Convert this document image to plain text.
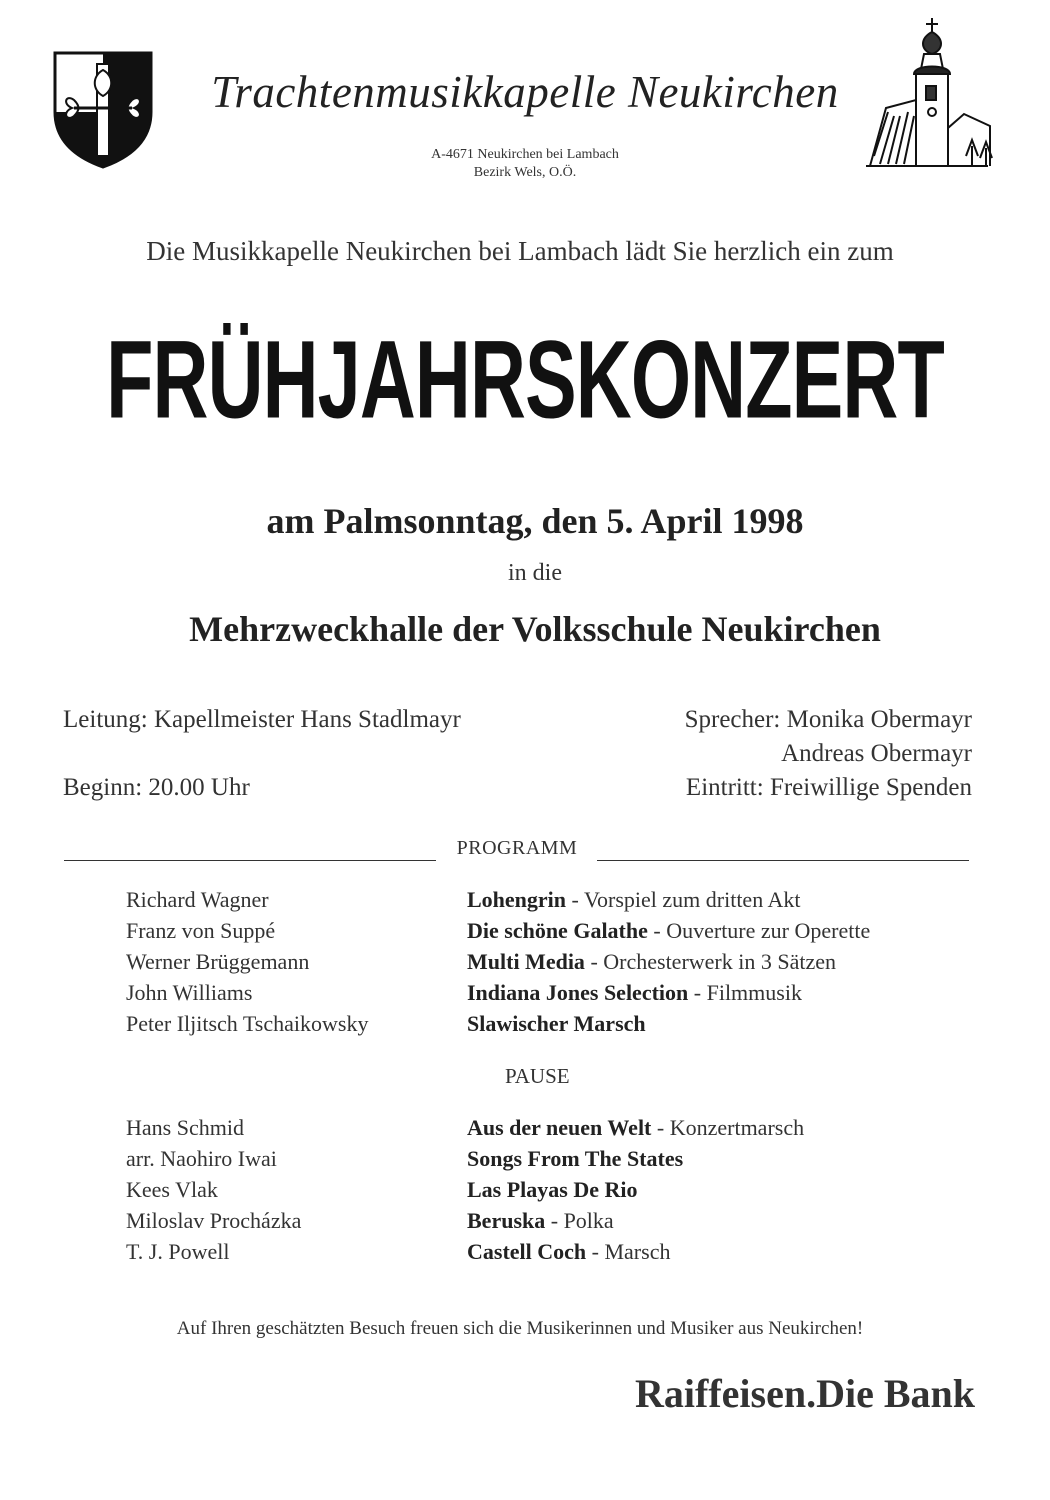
Trachtenmusikkapelle Neukirchen
A-4671 Neukirchen bei Lambach
Bezirk Wels, O.Ö.
Die Musikkapelle Neukirchen bei Lambach lädt Sie herzlich ein zum
FRÜHJAHRSKONZERT
am Palmsonntag, den 5. April 1998
in die
Mehrzweckhalle der Volksschule Neukirchen
Leitung: Kapellmeister Hans Stadlmayr
Beginn: 20.00 Uhr
Sprecher: Monika Obermayr
Andreas Obermayr
Eintritt: Freiwillige Spenden
PROGRAMM
Richard Wagner	Lohengrin - Vorspiel zum dritten Akt
Franz von Suppé	Die schöne Galathe - Ouverture zur Operette
Werner Brüggemann	Multi Media - Orchesterwerk in 3 Sätzen
John Williams	Indiana Jones Selection - Filmmusik
Peter Iljitsch Tschaikowsky	Slawischer Marsch
PAUSE
Hans Schmid	Aus der neuen Welt - Konzertmarsch
arr. Naohiro Iwai	Songs From The States
Kees Vlak	Las Playas De Rio
Miloslav Procházka	Beruska - Polka
T. J. Powell	Castell Coch - Marsch
Auf Ihren geschätzten Besuch freuen sich die Musikerinnen und Musiker aus Neukirchen!
Raiffeisen.Die Bank
